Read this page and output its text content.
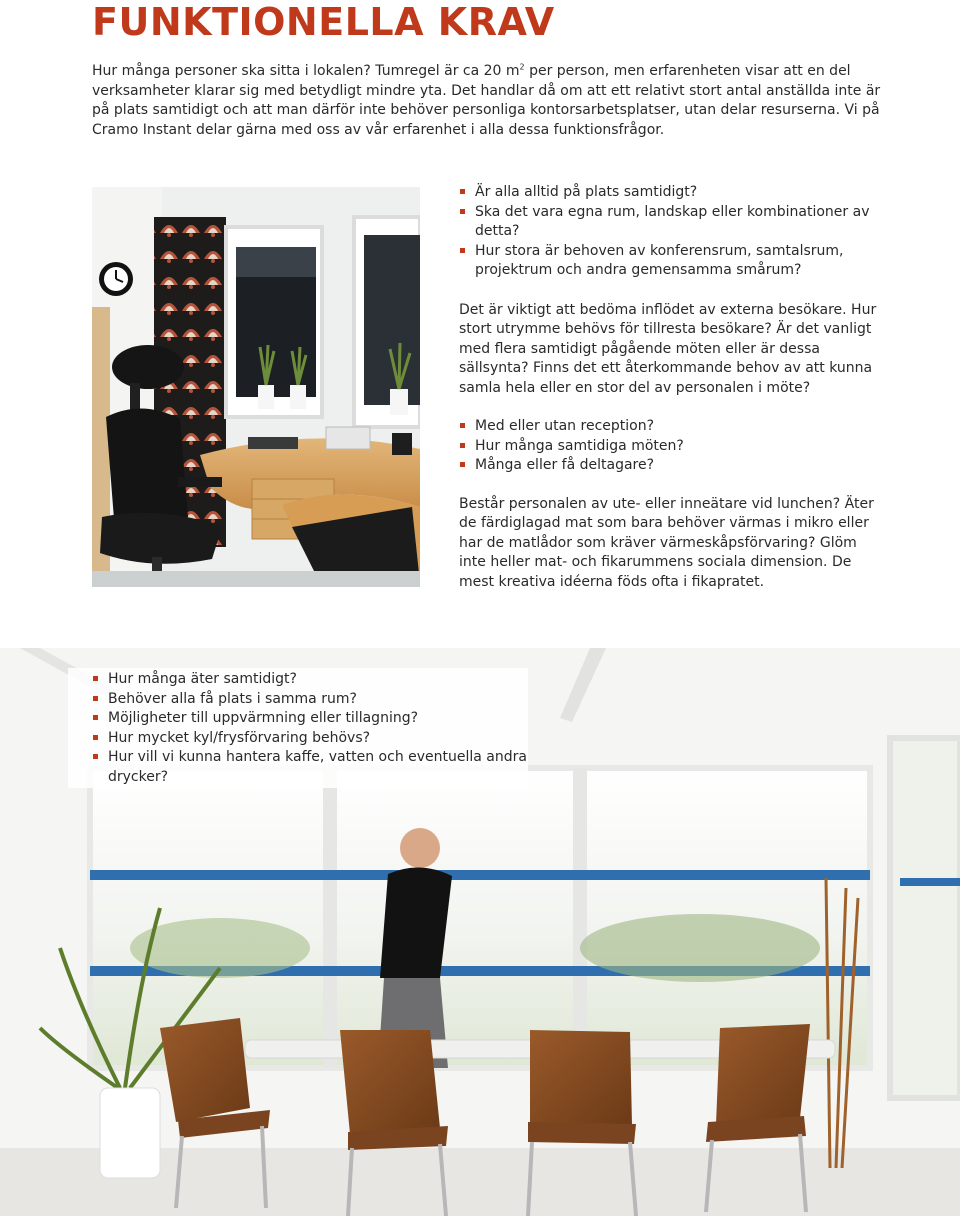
FUNKTIONELLA KRAV

Hur många personer ska sitta i lokalen? Tumregel är ca 20 $m^2$ per person, men erfarenheten visar att en del verksamheter klarar sig med betydligt mindre yta. Det handlar då om att ett relativt stort antal anställda inte är på plats samtidigt och att man därför inte behöver personliga kontorsarbetsplatser, utan delar resurserna. Vi på Cramo Instant delar gärna med oss av vår erfarenhet i alla dessa funktionsfrågor.

Är alla alltid på plats samtidigt?
Ska det vara egna rum, landskap eller kombinationer av detta?
Hur stora är behoven av konferensrum, samtalsrum, projektrum och andra gemensamma smårum?

Det är viktigt att bedöma inflödet av externa besökare. Hur stort utrymme behövs för tillresta besökare? Är det vanligt med flera samtidigt pågående möten eller är dessa sällsynta? Finns det ett återkommande behov av att kunna samla hela eller en stor del av personalen i möte?

Med eller utan reception?
Hur många samtidiga möten?
Många eller få deltagare?

Består personalen av ute- eller inneätare vid lunchen? Äter de färdiglagad mat som bara behöver värmas i mikro eller har de matlådor som kräver värmeskåpsförvaring? Glöm inte heller mat- och fikarummens sociala dimension. De mest kreativa idéerna föds ofta i fikapratet.

Hur många äter samtidigt?
Behöver alla få plats i samma rum?
Möjligheter till uppvärmning eller tillagning?
Hur mycket kyl/frysförvaring behövs?
Hur vill vi kunna hantera kaffe, vatten och eventuella andra drycker?
